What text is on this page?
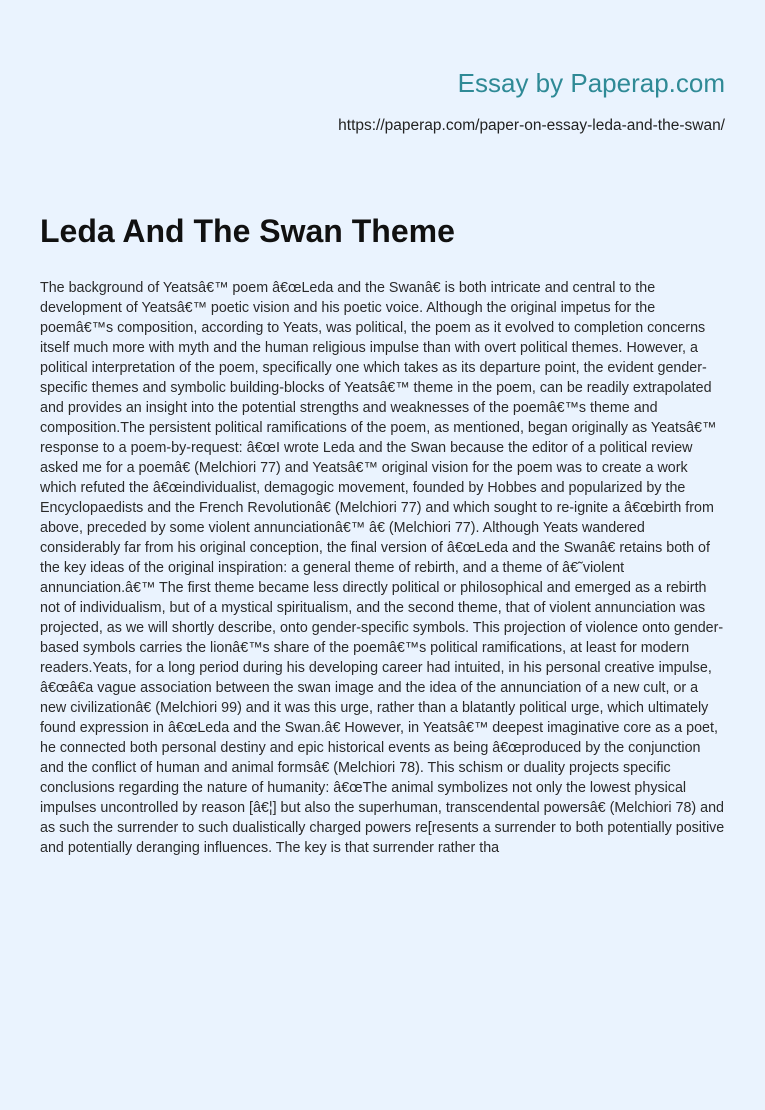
Essay by Paperap.com
https://paperap.com/paper-on-essay-leda-and-the-swan/
Leda And The Swan Theme

The background of Yeatsâ€™ poem â€œLeda and the Swanâ€ is both intricate and central to the development of Yeatsâ€™ poetic vision and his poetic voice. Although the original impetus for the poemâ€™s composition, according to Yeats, was political, the poem as it evolved to completion concerns itself much more with myth and the human religious impulse than with overt political themes. However, a political interpretation of the poem, specifically one which takes as its departure point, the evident gender-specific themes and symbolic building-blocks of Yeatsâ€™ theme in the poem, can be readily extrapolated and provides an insight into the potential strengths and weaknesses of the poemâ€™s theme and composition.The persistent political ramifications of the poem, as mentioned, began originally as Yeatsâ€™ response to a poem-by-request: â€œI wrote Leda and the Swan because the editor of a political review asked me for a poemâ€ (Melchiori 77) and Yeatsâ€™ original vision for the poem was to create a work which refuted the â€œindividualist, demagogic movement, founded by Hobbes and popularized by the Encyclopaedists and the French Revolutionâ€ (Melchiori 77) and which sought to re-ignite a â€œbirth from above, preceded by some violent annunciationâ€™ â€ (Melchiori 77). Although Yeats wandered considerably far from his original conception, the final version of â€œLeda and the Swanâ€ retains both of the key ideas of the original inspiration: a general theme of rebirth, and a theme of â€˜violent annunciation.â€™ The first theme became less directly political or philosophical and emerged as a rebirth not of individualism, but of a mystical spiritualism, and the second theme, that of violent annunciation was projected, as we will shortly describe, onto gender-specific symbols. This projection of violence onto gender-based symbols carries the lionâ€™s share of the poemâ€™s political ramifications, at least for modern readers.Yeats, for a long period during his developing career had intuited, in his personal creative impulse, â€œâ€a vague association between the swan image and the idea of the annunciation of a new cult, or a new civilizationâ€ (Melchiori 99) and it was this urge, rather than a blatantly political urge, which ultimately found expression in â€œLeda and the Swan.â€ However, in Yeatsâ€™ deepest imaginative core as a poet, he connected both personal destiny and epic historical events as being â€œproduced by the conjunction and the conflict of human and animal formsâ€ (Melchiori 78). This schism or duality projects specific conclusions regarding the nature of humanity: â€œThe animal symbolizes not only the lowest physical impulses uncontrolled by reason [â€¦] but also the superhuman, transcendental powersâ€ (Melchiori 78) and as such the surrender to such dualistically charged powers re[resents a surrender to both potentially positive and potentially deranging influences. The key is that surrender rather tha
